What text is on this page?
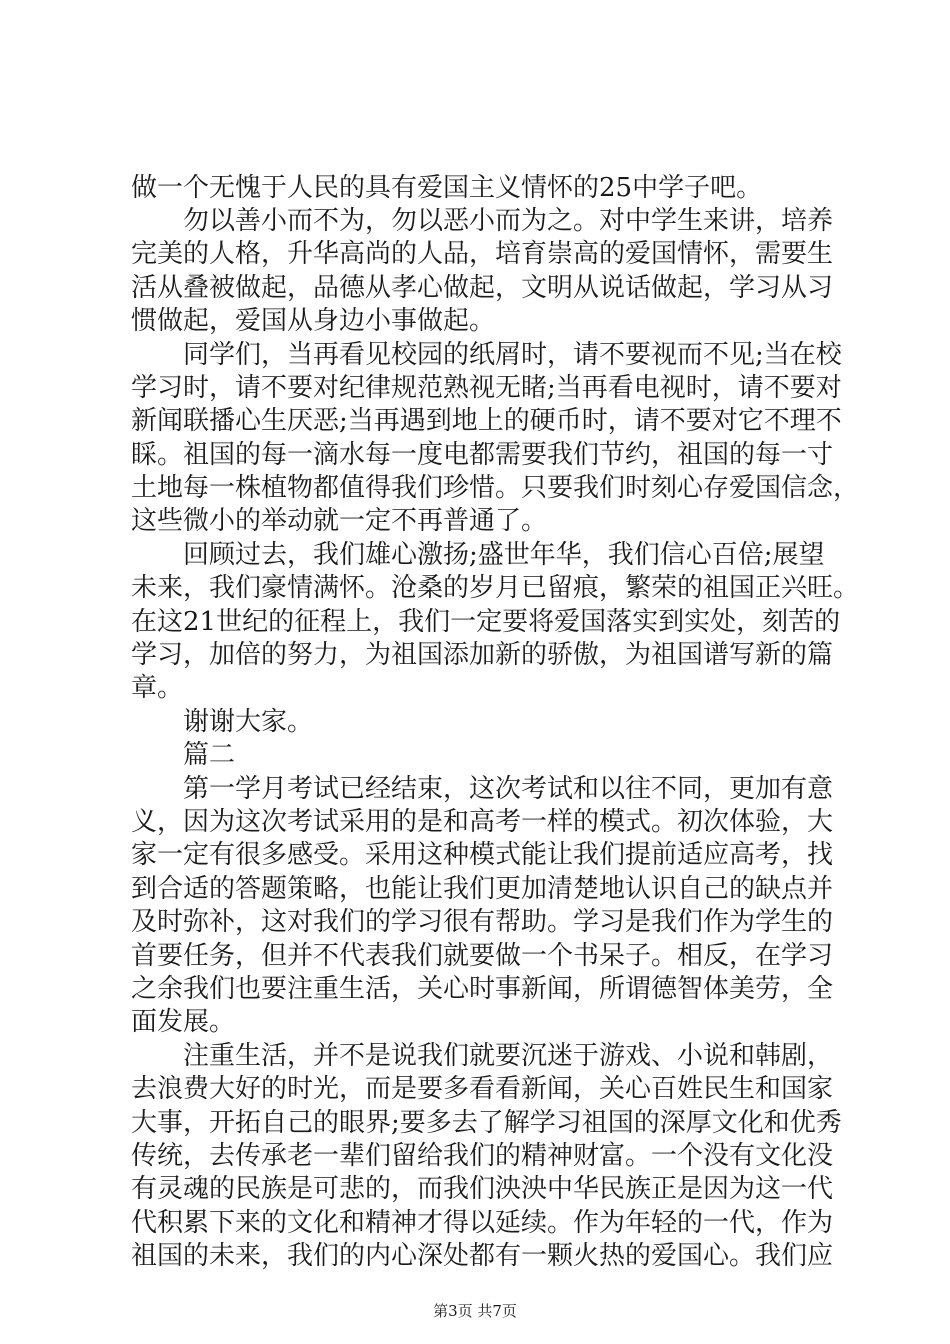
做一个无愧于人民的具有爱国主义情怀的25中学子吧。
勿以善小而不为，勿以恶小而为之。对中学生来讲，培养
完美的人格，升华高尚的人品，培育崇高的爱国情怀，需要生
活从叠被做起，品德从孝心做起，文明从说话做起，学习从习
惯做起，爱国从身边小事做起。
同学们，当再看见校园的纸屑时，请不要视而不见;当在校
学习时，请不要对纪律规范熟视无睹;当再看电视时，请不要对
新闻联播心生厌恶;当再遇到地上的硬币时，请不要对它不理不
睬。祖国的每一滴水每一度电都需要我们节约，祖国的每一寸
土地每一株植物都值得我们珍惜。只要我们时刻心存爱国信念，
这些微小的举动就一定不再普通了。
回顾过去，我们雄心激扬;盛世年华，我们信心百倍;展望
未来，我们豪情满怀。沧桑的岁月已留痕，繁荣的祖国正兴旺。
在这21世纪的征程上，我们一定要将爱国落实到实处，刻苦的
学习，加倍的努力，为祖国添加新的骄傲，为祖国谱写新的篇
章。
谢谢大家。
篇二
第一学月考试已经结束，这次考试和以往不同，更加有意
义，因为这次考试采用的是和高考一样的模式。初次体验，大
家一定有很多感受。采用这种模式能让我们提前适应高考，找
到合适的答题策略，也能让我们更加清楚地认识自己的缺点并
及时弥补，这对我们的学习很有帮助。学习是我们作为学生的
首要任务，但并不代表我们就要做一个书呆子。相反，在学习
之余我们也要注重生活，关心时事新闻，所谓德智体美劳，全
面发展。
注重生活，并不是说我们就要沉迷于游戏、小说和韩剧，
去浪费大好的时光，而是要多看看新闻，关心百姓民生和国家
大事，开拓自己的眼界;要多去了解学习祖国的深厚文化和优秀
传统，去传承老一辈们留给我们的精神财富。一个没有文化没
有灵魂的民族是可悲的，而我们泱泱中华民族正是因为这一代
代积累下来的文化和精神才得以延续。作为年轻的一代，作为
祖国的未来，我们的内心深处都有一颗火热的爱国心。我们应
第3页 共7页
